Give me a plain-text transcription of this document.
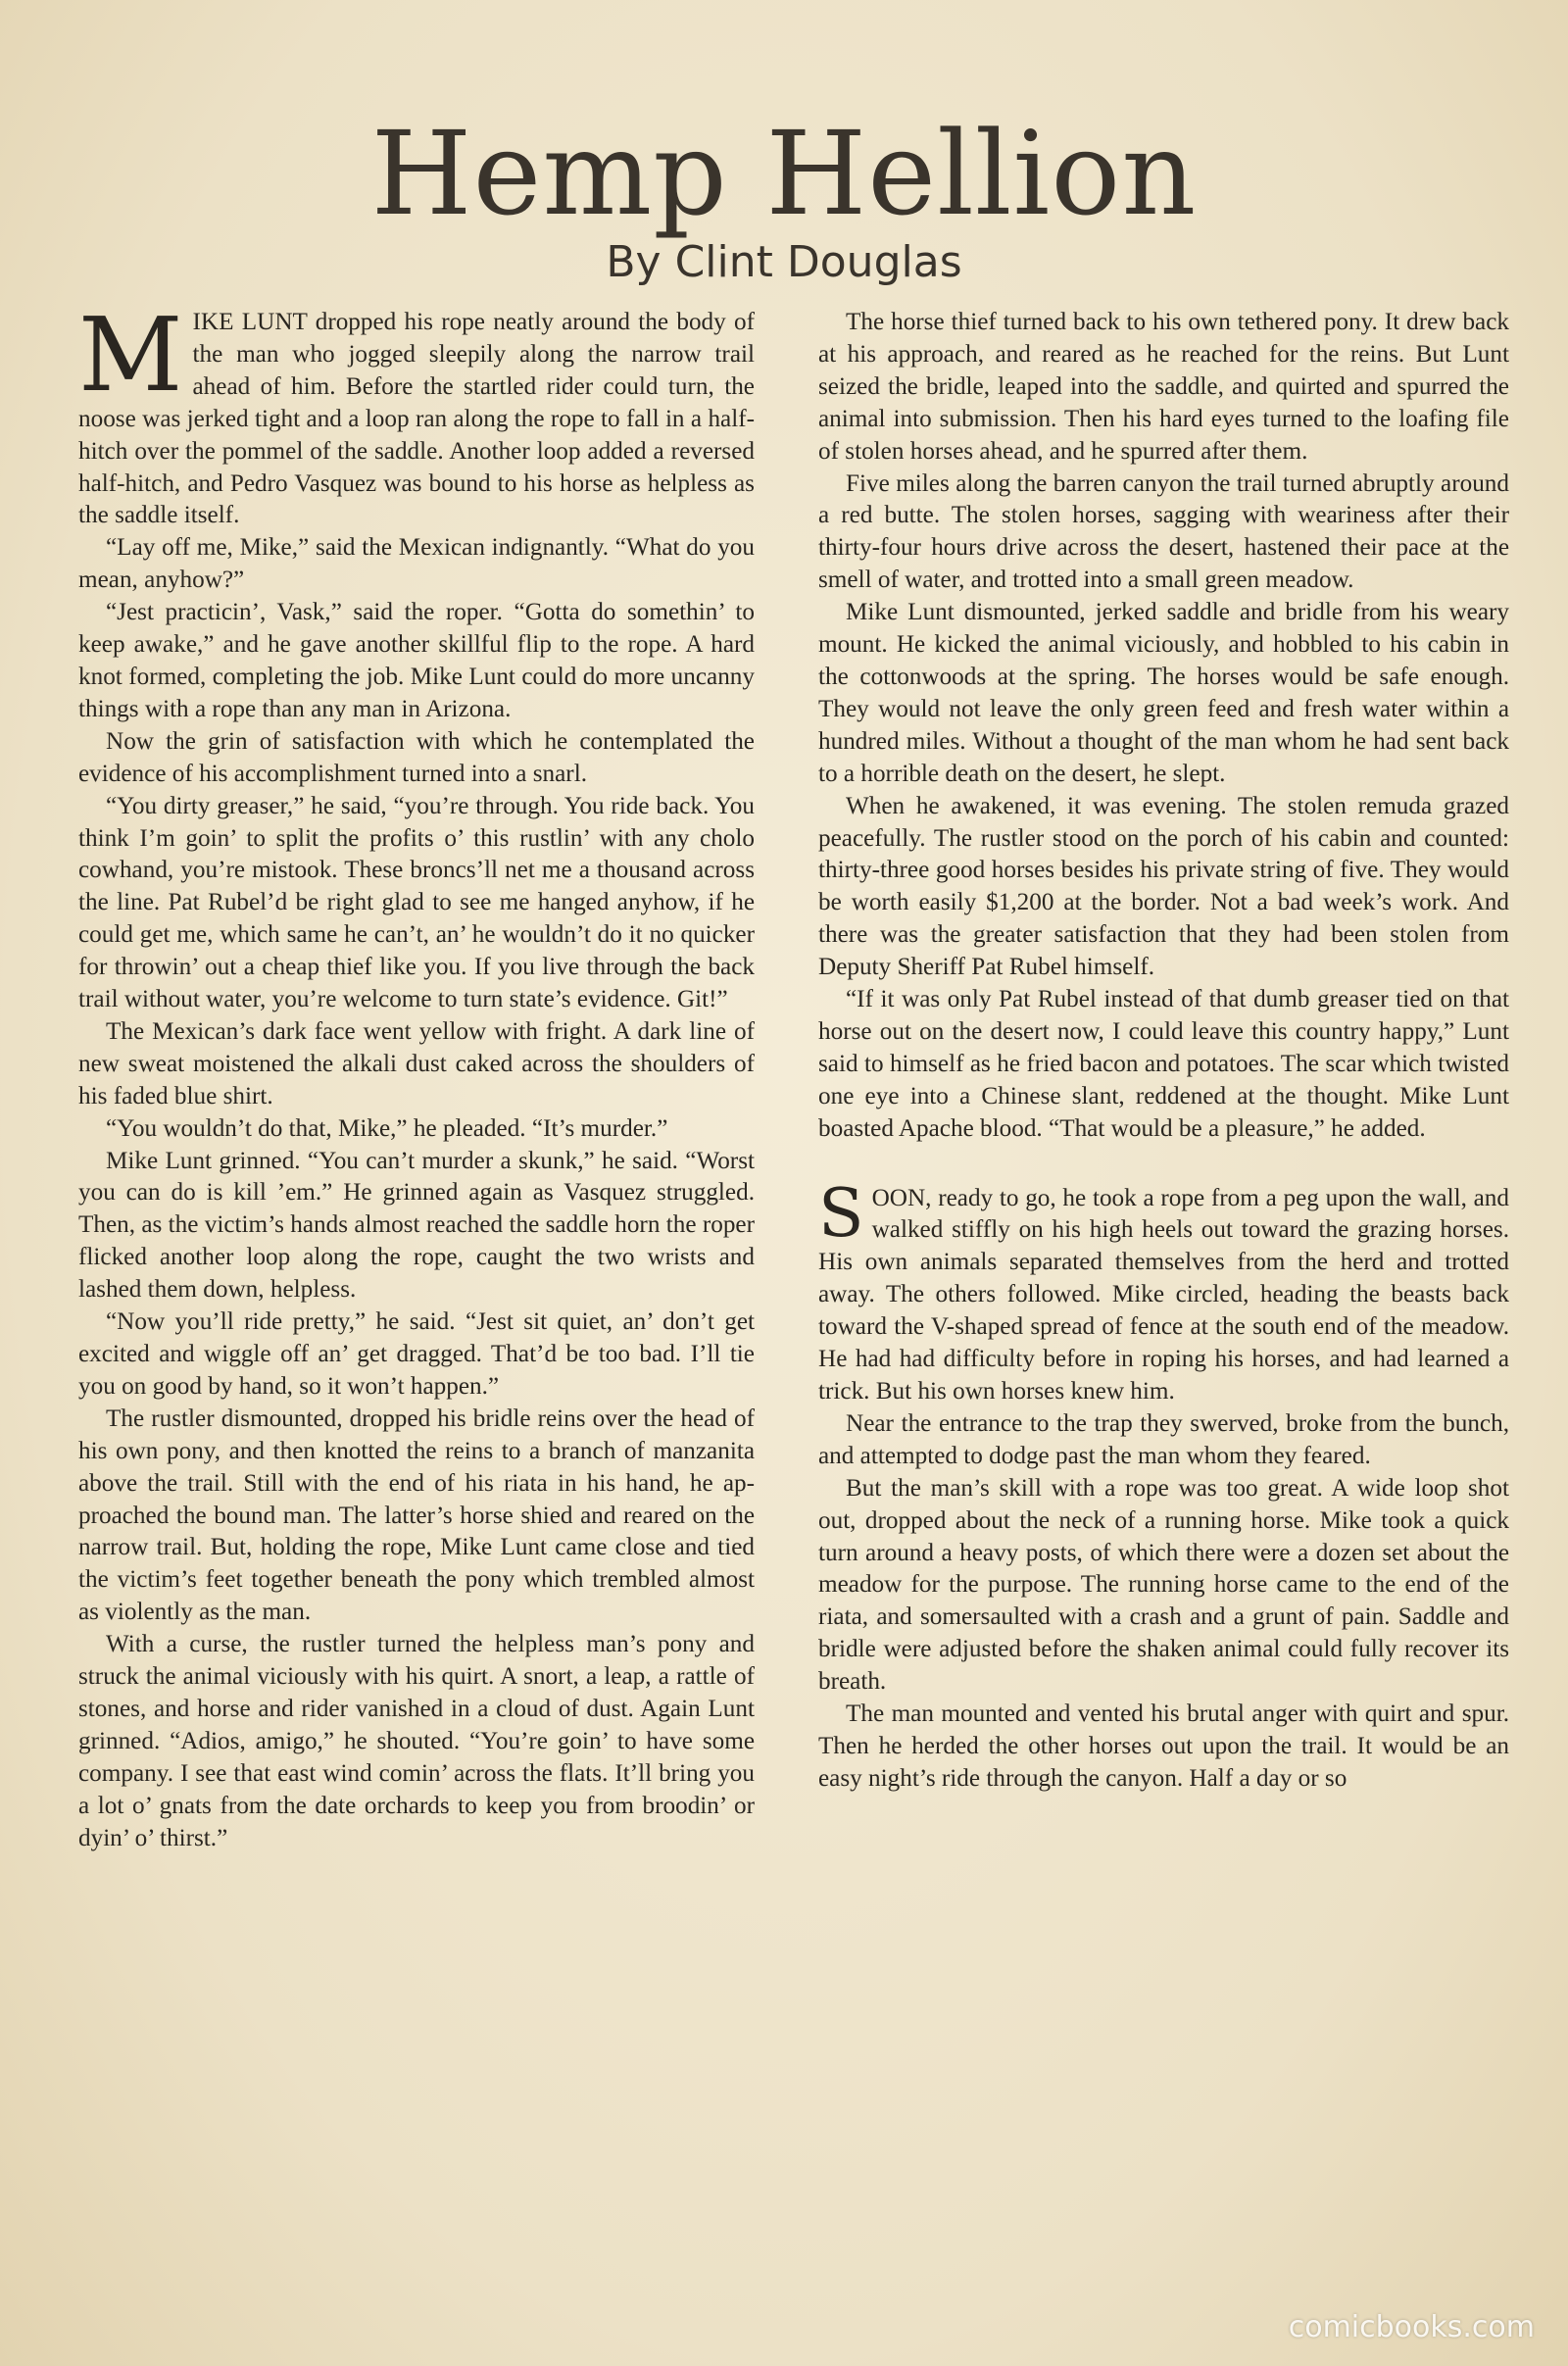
Hemp Hellion
By Clint Douglas

MIKE LUNT dropped his rope neatly around the body of the man who jogged sleepily along the narrow trail ahead of him. Before the startled rider could turn, the noose was jerked tight and a loop ran along the rope to fall in a half-hitch over the pommel of the saddle. Another loop added a reversed half-hitch, and Pedro Vasquez was bound to his horse as helpless as the saddle itself.

“Lay off me, Mike,” said the Mexican indignantly. “What do you mean, anyhow?”

“Jest practicin’, Vask,” said the roper. “Gotta do somethin’ to keep awake,” and he gave another skillful flip to the rope. A hard knot formed, completing the job. Mike Lunt could do more uncanny things with a rope than any man in Arizona.

Now the grin of satisfaction with which he contemplated the evidence of his accomplishment turned into a snarl.

“You dirty greaser,” he said, “you’re through. You ride back. You think I’m goin’ to split the profits o’ this rustlin’ with any cholo cowhand, you’re mistook. These broncs’ll net me a thousand across the line. Pat Rubel’d be right glad to see me hanged anyhow, if he could get me, which same he can’t, an’ he wouldn’t do it no quicker for throwin’ out a cheap thief like you. If you live through the back trail without water, you’re welcome to turn state’s evidence. Git!”

The Mexican’s dark face went yellow with fright. A dark line of new sweat moistened the alkali dust caked across the shoulders of his faded blue shirt.

“You wouldn’t do that, Mike,” he pleaded. “It’s murder.”

Mike Lunt grinned. “You can’t murder a skunk,” he said. “Worst you can do is kill ’em.” He grinned again as Vasquez struggled. Then, as the victim’s hands almost reached the saddle horn the roper flicked another loop along the rope, caught the two wrists and lashed them down, helpless.

“Now you’ll ride pretty,” he said. “Jest sit quiet, an’ don’t get excited and wiggle off an’ get dragged. That’d be too bad. I’ll tie you on good by hand, so it won’t happen.”

The rustler dismounted, dropped his bridle reins over the head of his own pony, and then knotted the reins to a branch of manzanita above the trail. Still with the end of his riata in his hand, he approached the bound man. The latter’s horse shied and reared on the narrow trail. But, holding the rope, Mike Lunt came close and tied the victim’s feet together beneath the pony which trembled almost as violently as the man.

With a curse, the rustler turned the helpless man’s pony and struck the animal viciously with his quirt. A snort, a leap, a rattle of stones, and horse and rider vanished in a cloud of dust. Again Lunt grinned. “Adios, amigo,” he shouted. “You’re goin’ to have some company. I see that east wind comin’ across the flats. It’ll bring you a lot o’ gnats from the date orchards to keep you from broodin’ or dyin’ o’ thirst.”

The horse thief turned back to his own tethered pony. It drew back at his approach, and reared as he reached for the reins. But Lunt seized the bridle, leaped into the saddle, and quirted and spurred the animal into submission. Then his hard eyes turned to the loafing file of stolen horses ahead, and he spurred after them.

Five miles along the barren canyon the trail turned abruptly around a red butte. The stolen horses, sagging with weariness after their thirty-four hours drive across the desert, hastened their pace at the smell of water, and trotted into a small green meadow.

Mike Lunt dismounted, jerked saddle and bridle from his weary mount. He kicked the animal viciously, and hobbled to his cabin in the cottonwoods at the spring. The horses would be safe enough. They would not leave the only green feed and fresh water within a hundred miles. Without a thought of the man whom he had sent back to a horrible death on the desert, he slept.

When he awakened, it was evening. The stolen remuda grazed peacefully. The rustler stood on the porch of his cabin and counted: thirty-three good horses besides his private string of five. They would be worth easily $1,200 at the border. Not a bad week’s work. And there was the greater satisfaction that they had been stolen from Deputy Sheriff Pat Rubel himself.

“If it was only Pat Rubel instead of that dumb greaser tied on that horse out on the desert now, I could leave this country happy,” Lunt said to himself as he fried bacon and potatoes. The scar which twisted one eye into a Chinese slant, reddened at the thought. Mike Lunt boasted Apache blood. “That would be a pleasure,” he added.

SOON, ready to go, he took a rope from a peg upon the wall, and walked stiffly on his high heels out toward the grazing horses. His own animals separated themselves from the herd and trotted away. The others followed. Mike circled, heading the beasts back toward the V-shaped spread of fence at the south end of the meadow. He had had difficulty before in roping his horses, and had learned a trick. But his own horses knew him.

Near the entrance to the trap they swerved, broke from the bunch, and attempted to dodge past the man whom they feared.

But the man’s skill with a rope was too great. A wide loop shot out, dropped about the neck of a running horse. Mike took a quick turn around a heavy posts, of which there were a dozen set about the meadow for the purpose. The running horse came to the end of the riata, and somersaulted with a crash and a grunt of pain. Saddle and bridle were adjusted before the shaken animal could fully recover its breath.

The man mounted and vented his brutal anger with quirt and spur. Then he herded the other horses out upon the trail. It would be an easy night’s ride through the canyon. Half a day or so

comicbooks.com
